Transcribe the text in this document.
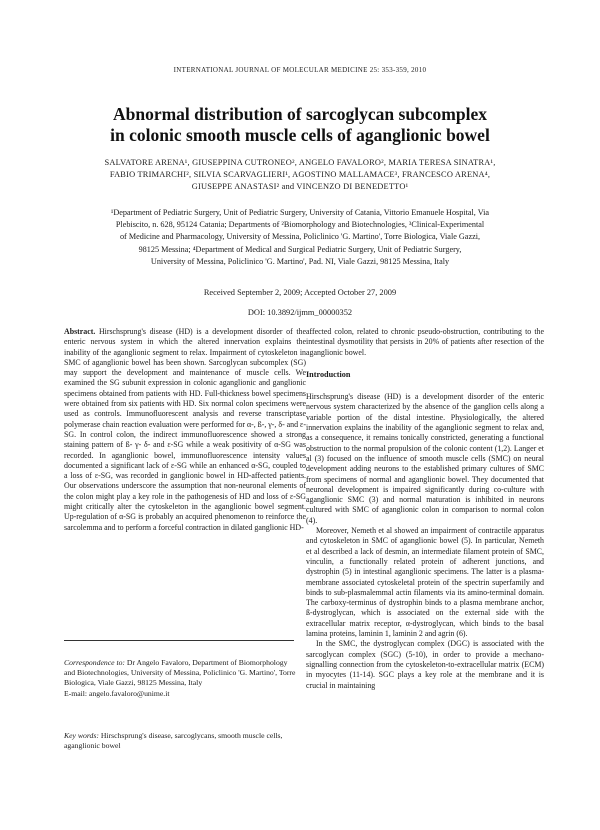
INTERNATIONAL JOURNAL OF MOLECULAR MEDICINE 25: 353-359, 2010
Abnormal distribution of sarcoglycan subcomplex
in colonic smooth muscle cells of aganglionic bowel
SALVATORE ARENA¹, GIUSEPPINA CUTRONEO², ANGELO FAVALORO², MARIA TERESA SINATRA¹,
FABIO TRIMARCHI², SILVIA SCARVAGLIERI¹, AGOSTINO MALLAMACE³, FRANCESCO ARENA⁴,
GIUSEPPE ANASTASI² and VINCENZO DI BENEDETTO¹

¹Department of Pediatric Surgery, Unit of Pediatric Surgery, University of Catania, Vittorio Emanuele Hospital, Via

Plebiscito, n. 628, 95124 Catania; Departments of ²Biomorphology and Biotechnologies, ³Clinical-Experimental

of Medicine and Pharmacology, University of Messina, Policlinico 'G. Martino', Torre Biologica, Viale Gazzi,

98125 Messina; ⁴Department of Medical and Surgical Pediatric Surgery, Unit of Pediatric Surgery,

University of Messina, Policlinico 'G. Martino', Pad. NI, Viale Gazzi, 98125 Messina, Italy

Received September 2, 2009; Accepted October 27, 2009
DOI: 10.3892/ijmm_00000352

Abstract. Hirschsprung's disease (HD) is a development disorder of the enteric nervous system in which the altered innervation explains the inability of the aganglionic segment to relax. Impairment of cytoskeleton in SMC of aganglionic bowel has been shown. Sarcoglycan subcomplex (SG) may support the development and maintenance of muscle cells. We examined the SG subunit expression in colonic aganglionic and ganglionic specimens obtained from patients with HD. Full-thickness bowel specimens were obtained from six patients with HD. Six normal colon specimens were used as controls. Immunofluorescent analysis and reverse transcriptase polymerase chain reaction evaluation were performed for α-, ß-, γ-, δ- and ε-SG. In control colon, the indirect immunofluorescence showed a strong staining pattern of ß- γ- δ- and ε-SG while a weak positivity of α-SG was recorded. In aganglionic bowel, immunofluorescence intensity values documented a significant lack of ε-SG while an enhanced α-SG, coupled to a loss of ε-SG, was recorded in ganglionic bowel in HD-affected patients. Our observations underscore the assumption that non-neuronal elements of the colon might play a key role in the pathogenesis of HD and loss of ε-SG might critically alter the cytoskeleton in the aganglionic bowel segment. Up-regulation of α-SG is probably an acquired phenomenon to reinforce the sarcolemma and to perform a forceful contraction in dilated ganglionic HD-

Correspondence to: Dr Angelo Favaloro, Department of Biomorphology and Biotechnologies, University of Messina, Policlinico 'G. Martino', Torre Biologica, Viale Gazzi, 98125 Messina, Italy

E-mail: angelo.favaloro@unime.it

Key words: Hirschsprung's disease, sarcoglycans, smooth muscle cells, aganglionic bowel

affected colon, related to chronic pseudo-obstruction, contributing to the intestinal dysmotility that persists in 20% of patients after resection of the aganglionic bowel.

Introduction

Hirschsprung's disease (HD) is a development disorder of the enteric nervous system characterized by the absence of the ganglion cells along a variable portion of the distal intestine. Physiologically, the altered innervation explains the inability of the aganglionic segment to relax and, as a consequence, it remains tonically constricted, generating a functional obstruction to the normal propulsion of the colonic content (1,2). Langer et al (3) focused on the influence of smooth muscle cells (SMC) on neural development adding neurons to the established primary cultures of SMC from specimens of normal and aganglionic bowel. They documented that neuronal development is impaired significantly during co-culture with aganglionic SMC (3) and normal maturation is inhibited in neurons cultured with SMC of aganglionic colon in comparison to normal colon (4).

Moreover, Nemeth et al showed an impairment of contractile apparatus and cytoskeleton in SMC of aganglionic bowel (5). In particular, Nemeth et al described a lack of desmin, an intermediate filament protein of SMC, vinculin, a functionally related protein of adherent junctions, and dystrophin (5) in intestinal aganglionic specimens. The latter is a plasma-membrane associated cytoskeletal protein of the spectrin superfamily and binds to sub-plasmalemmal actin filaments via its amino-terminal domain. The carboxy-terminus of dystrophin binds to a plasma membrane anchor, ß-dystroglycan, which is associated on the external side with the extracellular matrix receptor, α-dystroglycan, which binds to the basal lamina proteins, laminin 1, laminin 2 and agrin (6).

In the SMC, the dystroglycan complex (DGC) is associated with the sarcoglycan complex (SGC) (5-10), in order to provide a mechano-signalling connection from the cytoskeleton-to-extracellular matrix (ECM) in myocytes (11-14). SGC plays a key role at the membrane and it is crucial in maintaining
